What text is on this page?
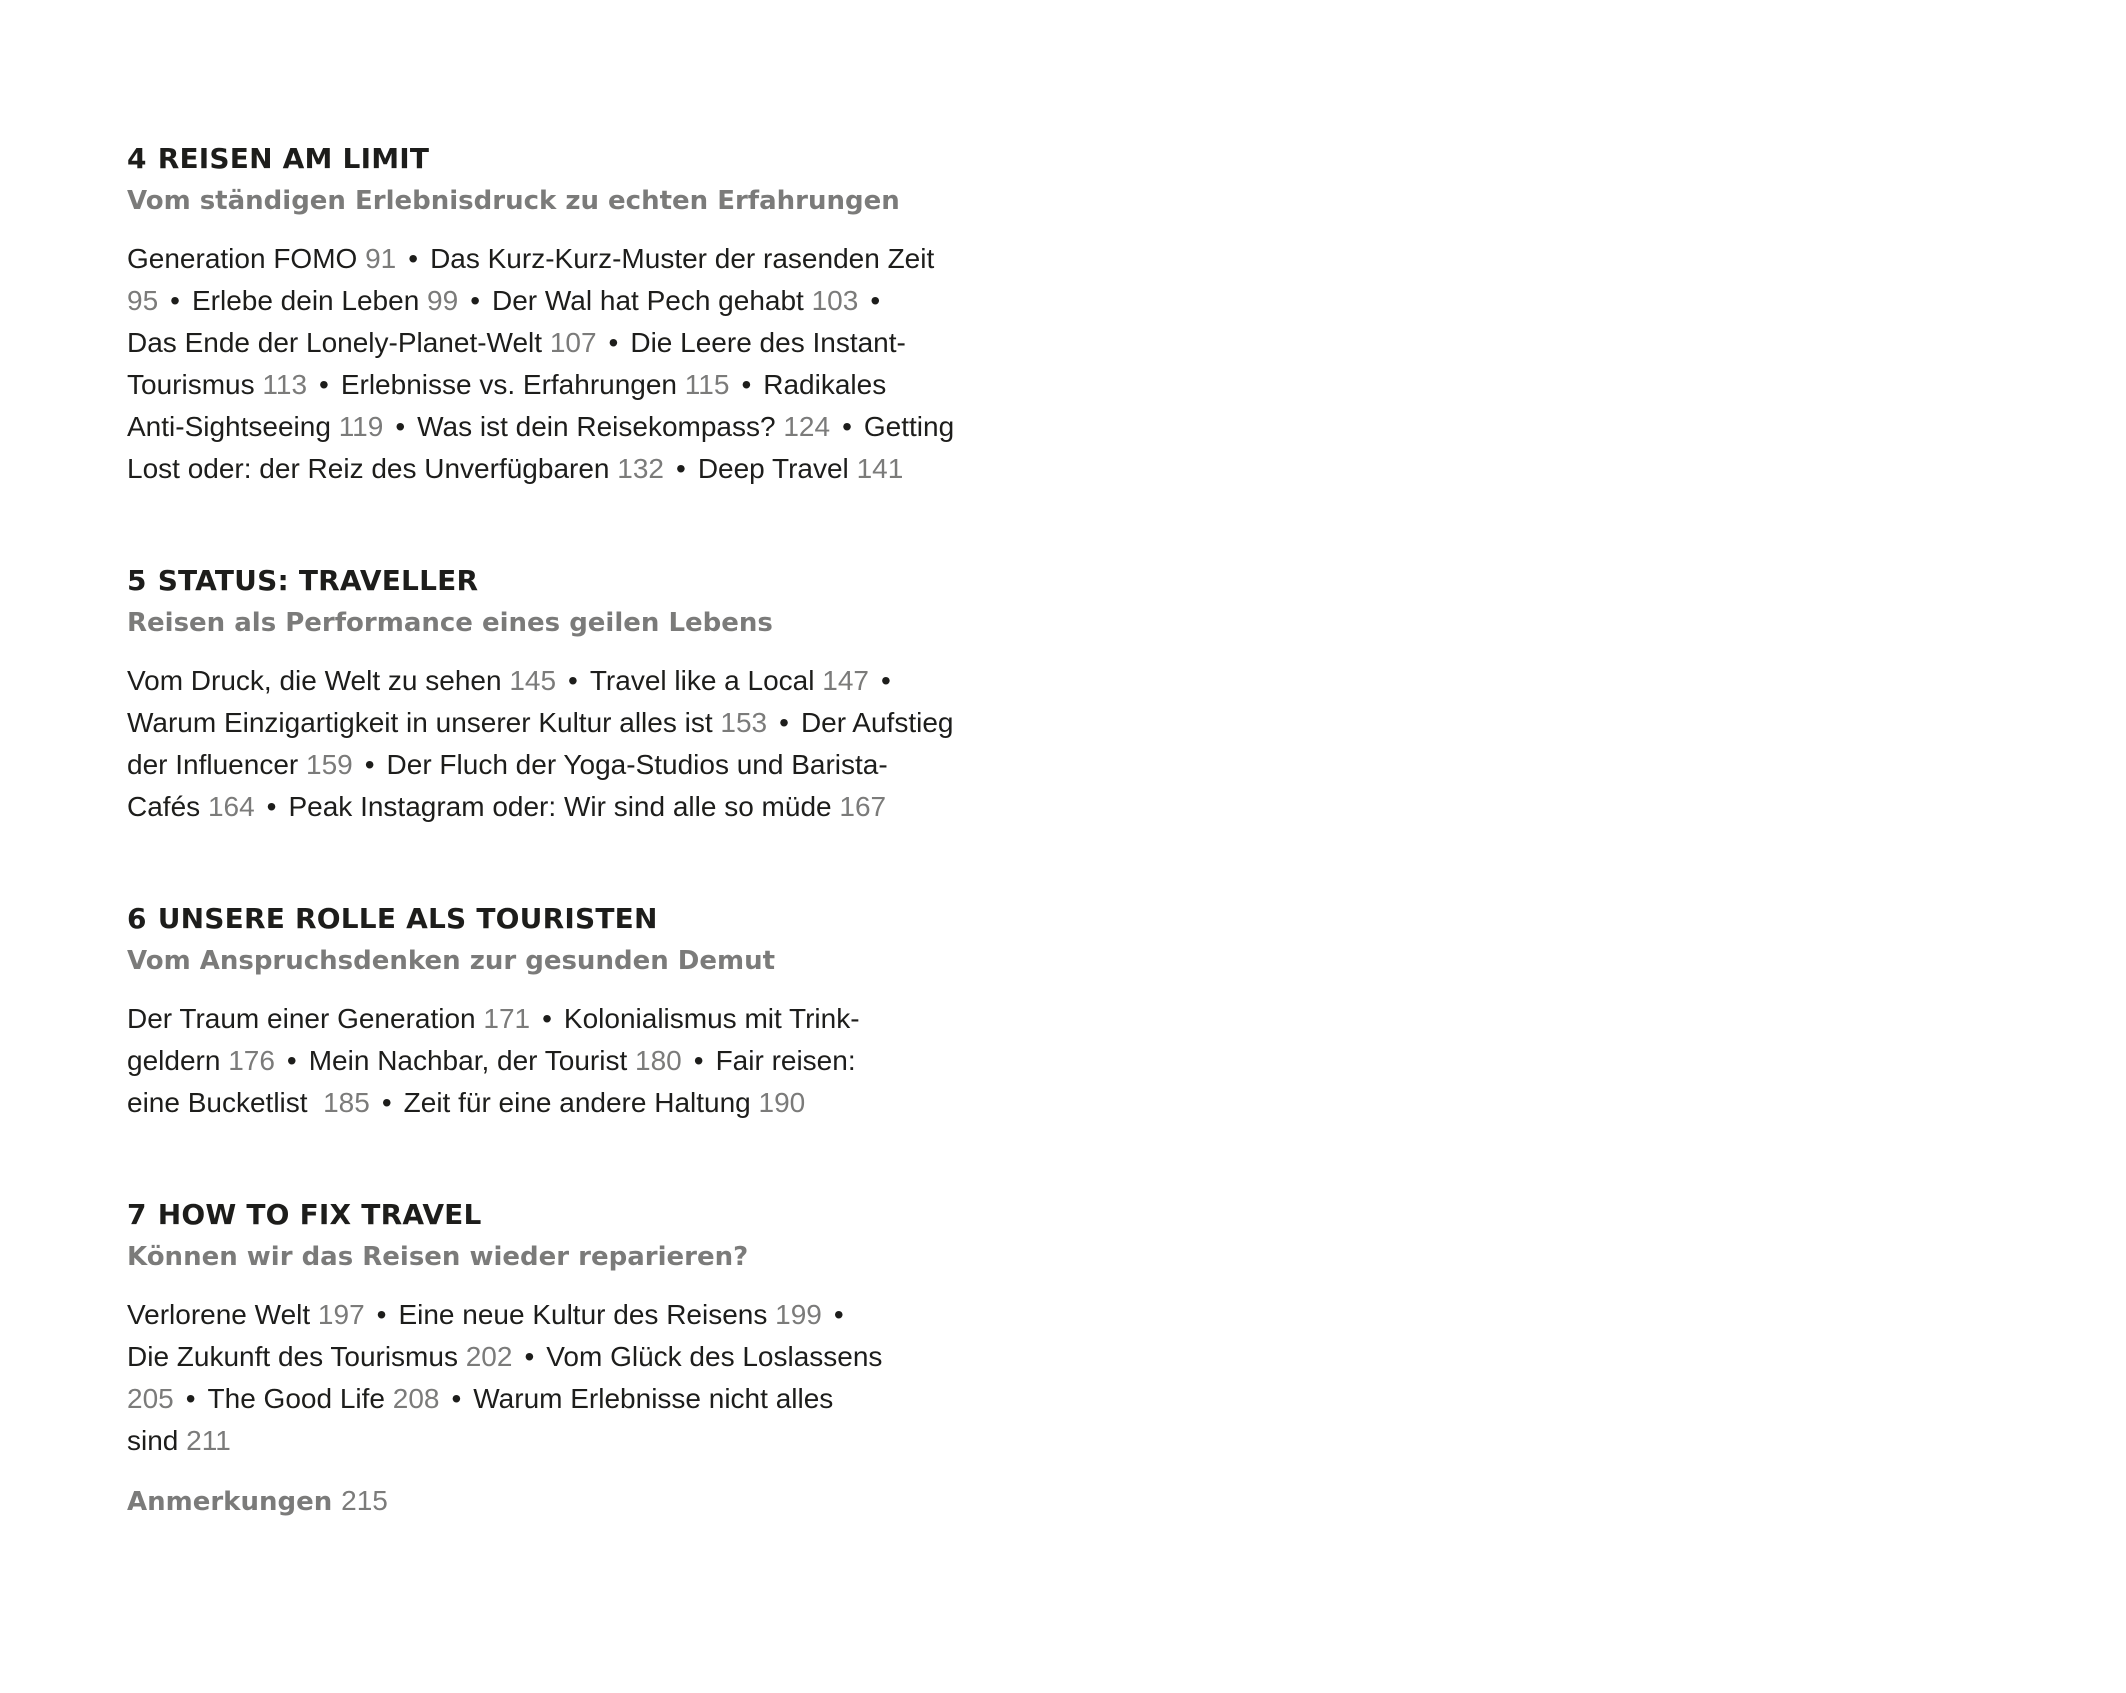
4 REISEN AM LIMIT
Vom ständigen Erlebnisdruck zu echten Erfahrungen
Generation FOMO 91 • Das Kurz-Kurz-Muster der rasenden Zeit
95 • Erlebe dein Leben 99 • Der Wal hat Pech gehabt 103 •
Das Ende der Lonely-Planet-Welt 107 • Die Leere des Instant-
Tourismus 113 • Erlebnisse vs. Erfahrungen 115 • Radikales
Anti-Sightseeing 119 • Was ist dein Reisekompass? 124 • Getting
Lost oder: der Reiz des Unverfügbaren 132 • Deep Travel 141
5 STATUS: TRAVELLER
Reisen als Performance eines geilen Lebens
Vom Druck, die Welt zu sehen 145 • Travel like a Local 147 •
Warum Einzigartigkeit in unserer Kultur alles ist 153 • Der Aufstieg
der Influencer 159 • Der Fluch der Yoga-Studios und Barista-
Cafés 164 • Peak Instagram oder: Wir sind alle so müde 167
6 UNSERE ROLLE ALS TOURISTEN
Vom Anspruchsdenken zur gesunden Demut
Der Traum einer Generation 171 • Kolonialismus mit Trink-
geldern 176 • Mein Nachbar, der Tourist 180 • Fair reisen:
eine Bucketlist  185 • Zeit für eine andere Haltung 190
7 HOW TO FIX TRAVEL
Können wir das Reisen wieder reparieren?
Verlorene Welt 197 • Eine neue Kultur des Reisens 199 •
Die Zukunft des Tourismus 202 • Vom Glück des Loslassens
205 • The Good Life 208 • Warum Erlebnisse nicht alles
sind 211
Anmerkungen 215
